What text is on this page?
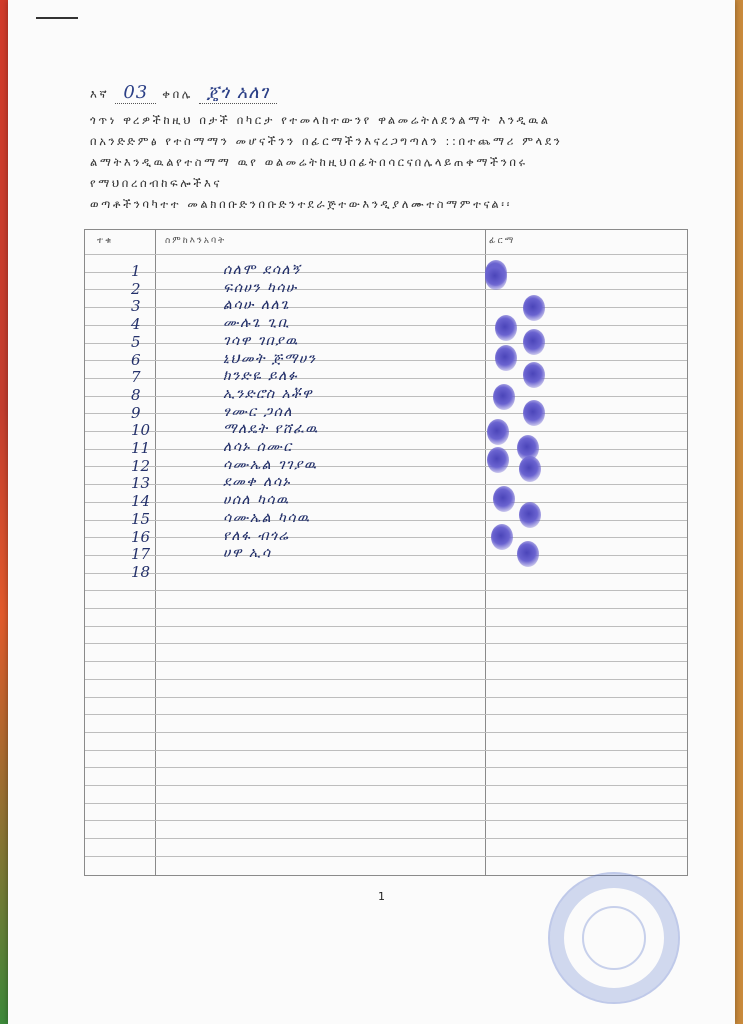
እኛ 03	ቀበሌ ጄጎ አለገ
ጎጥነ ዋረዎችከዚህ በታች በካርታ የተመላከተውንየ ዋልመሬትለደንልማት እንዲዉል
በአንድድምፅ የተስማማን መሆናችንን በፊርማችንእናረጋግጣለን ::በተጨማሪ ምላደን
ልማትእንዲዉልየተስማማ ዉየ ወልመሬትከዚህበፊትበሳርናበሌላይጠቀማችንበሩ
የማህበረሰብከፍሎችእና
ወጣቶችንባካተተ መልክበቡድንበቡድንተደራጅተውእንዲያለሙተስማምተናል፡፡
ተቁ	ስምከእንአባት	ፊርማ
1	ሰለሞ ደሳለኝ
2	ፍሰሀን ካሳሁ
3	ልሳሁ ለለጌ
4	ሙሉጌ ጊቢ
5	ገሳዋ ገበያዉ
6	ኒህመት ጅማሀን
7	ክንድዬ ይለፉ
8	ኢንድሮስ አቾዋ
9	ፃሙር ጋሰለ
10	ማለዴት የሸፈዉ
11	ለሳኑ ሰሙር
12	ሳሙኤል ገገያዉ
13	ደመቀ ለሳኑ
14	ሀሰለ ካሳዉ
15	ሳሙኤል ካሳዉ
16	የለፋ ብጎሬ
17	ሀዋ ኢሳ
18
1
